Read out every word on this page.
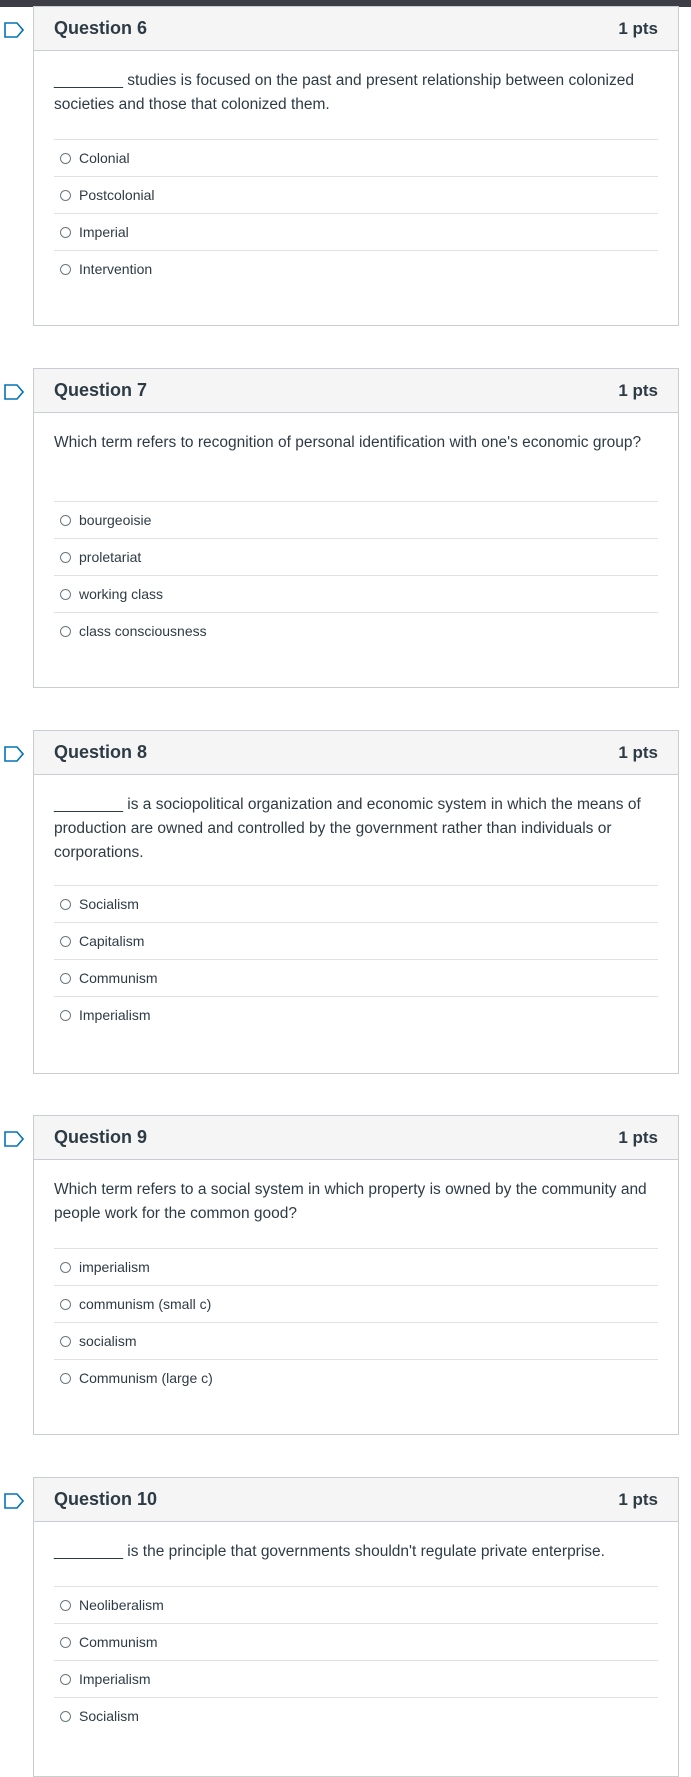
Question 6	1 pts
________ studies is focused on the past and present relationship between colonized societies and those that colonized them.
Colonial
Postcolonial
Imperial
Intervention
Question 7	1 pts
Which term refers to recognition of personal identification with one's economic group?
bourgeoisie
proletariat
working class
class consciousness
Question 8	1 pts
________ is a sociopolitical organization and economic system in which the means of production are owned and controlled by the government rather than individuals or corporations.
Socialism
Capitalism
Communism
Imperialism
Question 9	1 pts
Which term refers to a social system in which property is owned by the community and people work for the common good?
imperialism
communism (small c)
socialism
Communism (large c)
Question 10	1 pts
________ is the principle that governments shouldn't regulate private enterprise.
Neoliberalism
Communism
Imperialism
Socialism
